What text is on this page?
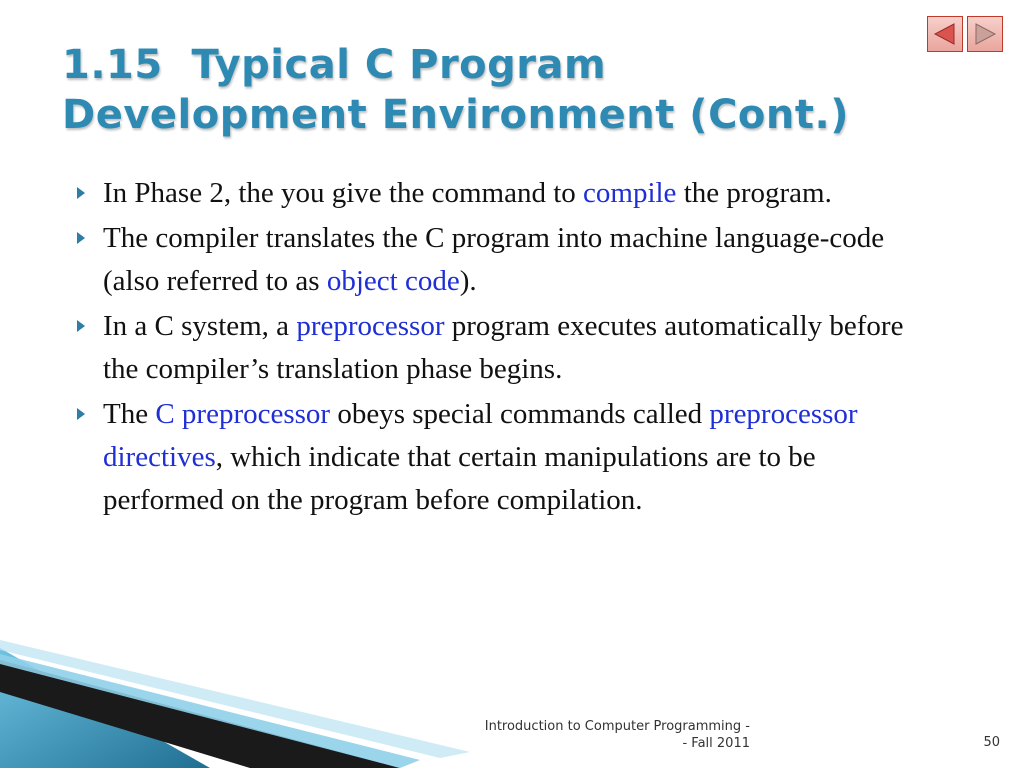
1.15  Typical C Program
Development Environment (Cont.)
In Phase 2, the you give the command to compile the program.
The compiler translates the C program into machine language-code (also referred to as object code).
In a C system, a preprocessor program executes automatically before the compiler’s translation phase begins.
The C preprocessor obeys special commands called preprocessor directives, which indicate that certain manipulations are to be performed on the program before compilation.
Introduction to Computer Programming -
- Fall 2011	50
